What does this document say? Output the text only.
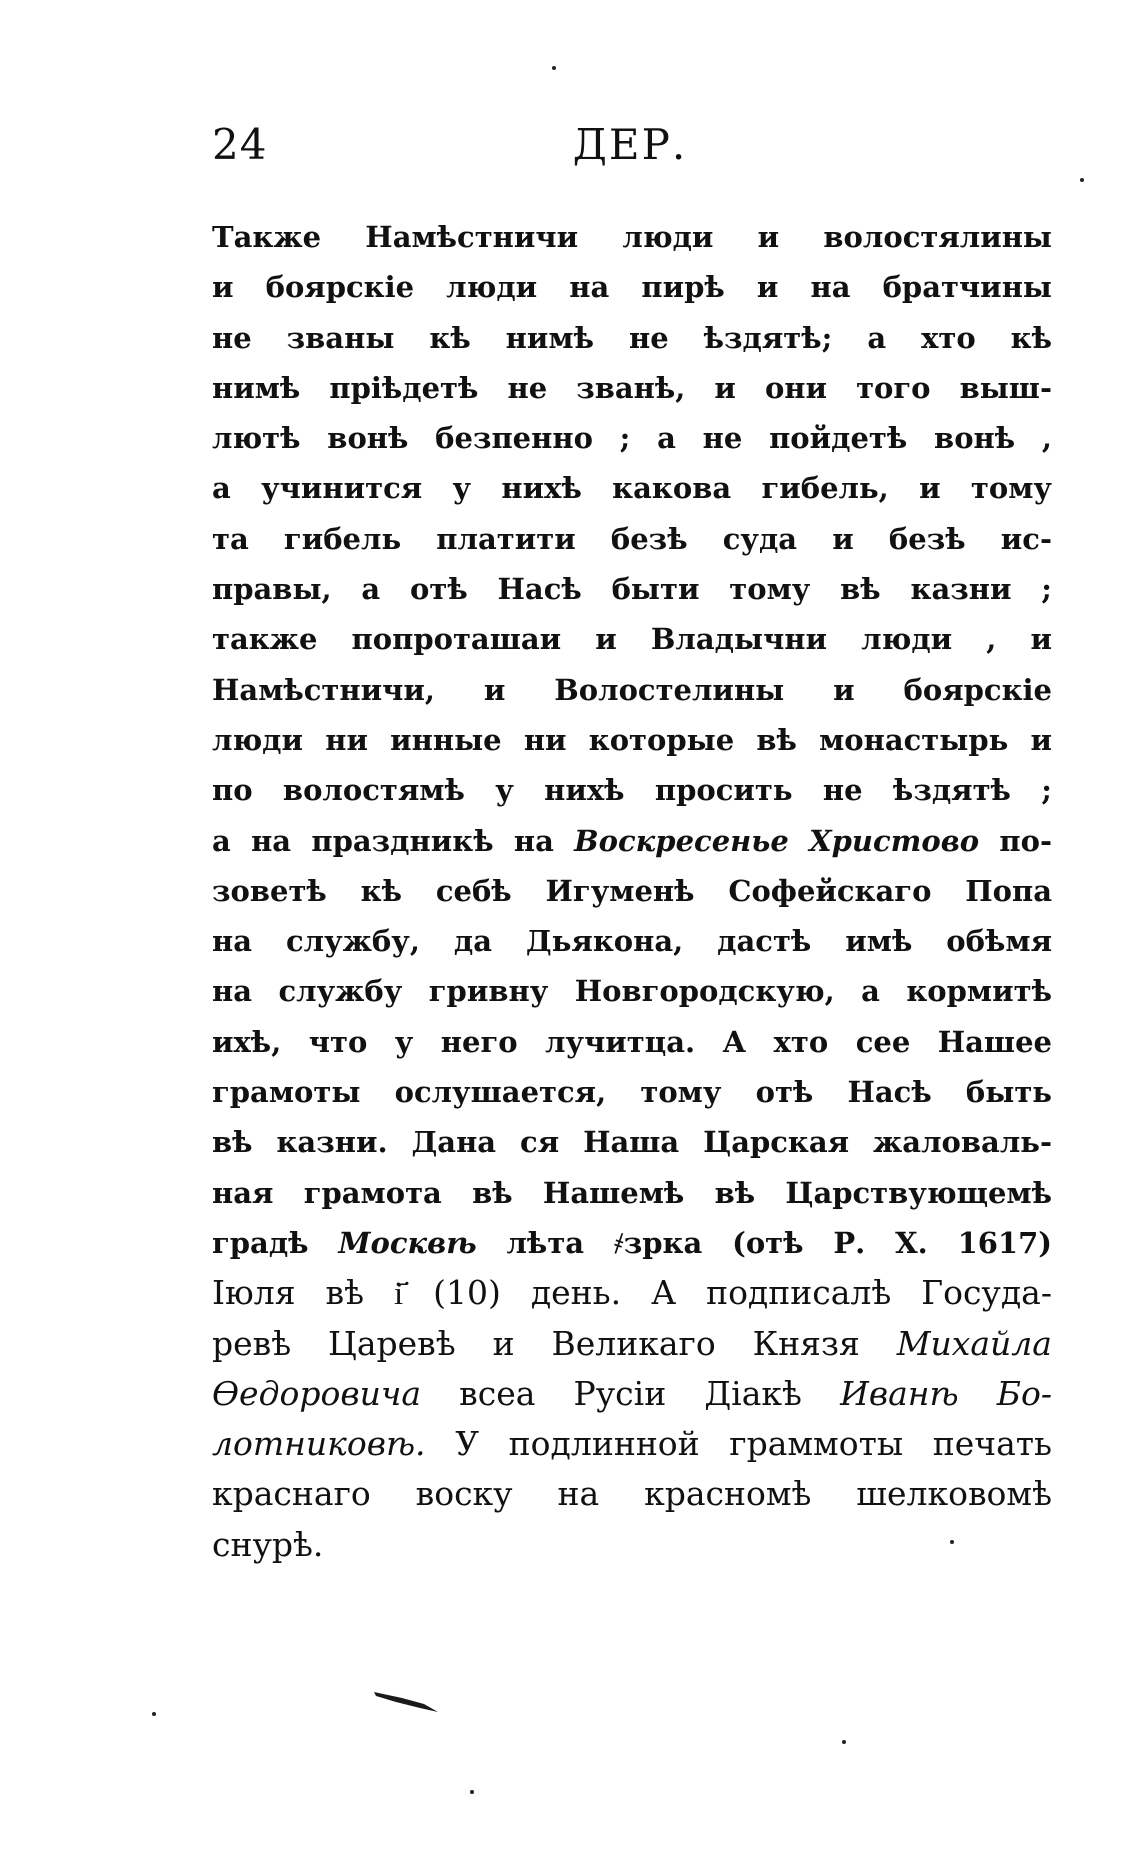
24	ДЕР.
Также Намѣстничи люди и волостялины
и боярскіе люди на пирѣ и на братчины
не званы кѣ нимѣ не ѣздятѣ; а хто кѣ
нимѣ пріѣдетѣ не званѣ, и они того выш-
лютѣ вонѣ безпенно ; а не пойдетѣ вонѣ ,
а учинится у нихѣ какова гибель, и тому
та гибель платити безѣ суда и безѣ ис-
правы, а отѣ Насѣ быти тому вѣ казни ;
также попроташаи и Владычни люди , и
Намѣстничи, и Волостелины и боярскіе
люди ни инные ни которые вѣ монастырь и
по волостямѣ у нихѣ просить не ѣздятѣ ;
а на праздникѣ на Воскресенье Христово по-
зоветѣ кѣ себѣ Игуменѣ Софейскаго Попа
на службу, да Дьякона, дастѣ имѣ обѣмя
на службу гривну Новгородскую, а кормитѣ
ихѣ, что у него лучитца. А хто сее Нашее
грамоты ослушается, тому отѣ Насѣ быть
вѣ казни. Дана ся Наша Царская жаловаль-
ная грамота вѣ Нашемѣ вѣ Царствующемѣ
градѣ Москвѣ лѣта ҂зрка (отѣ Р. Х. 1617)
Іюля вѣ і҃ (10) день. А подписалѣ Госуда-
ревѣ Царевѣ и Великаго Князя Михайла
Ѳедоровича всеа Русіи Діакѣ Иванѣ Бо-
лотниковѣ. У подлинной граммоты печать
краснаго воску на красномѣ шелковомѣ
снурѣ.
